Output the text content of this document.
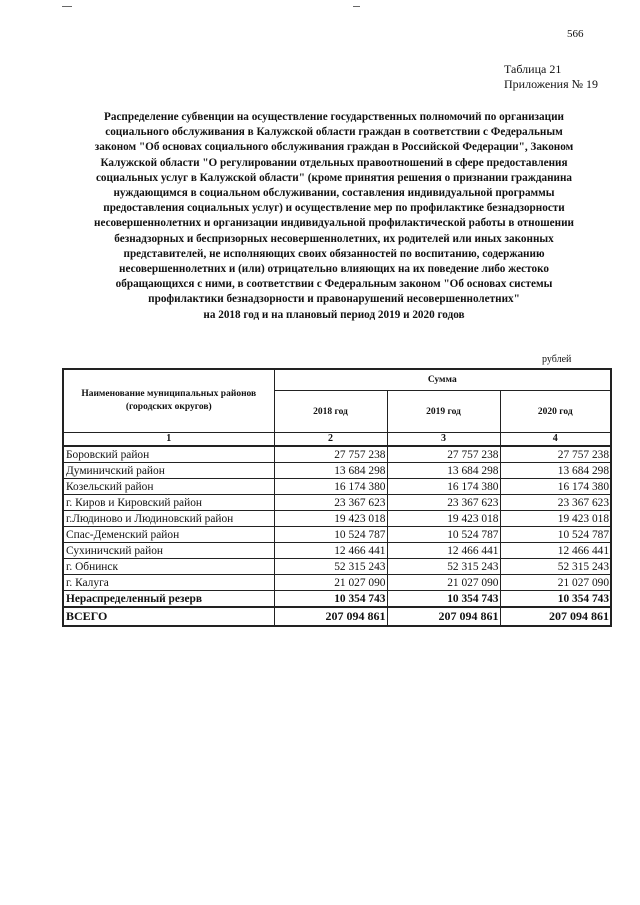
566
Таблица 21
Приложения № 19
Распределение субвенции на осуществление государственных полномочий по организации
социального обслуживания в Калужской области граждан в соответствии с Федеральным
законом "Об основах социального обслуживания граждан в Российской Федерации", Законом
Калужской области "О регулировании отдельных правоотношений в сфере предоставления
социальных услуг в Калужской области" (кроме принятия решения о признании гражданина
нуждающимся в социальном обслуживании, составления индивидуальной программы
предоставления социальных услуг) и осуществление мер по профилактике безнадзорности
несовершеннолетних и организации индивидуальной профилактической работы в отношении
безнадзорных и беспризорных несовершеннолетних, их родителей или иных законных
представителей, не исполняющих своих обязанностей по воспитанию, содержанию
несовершеннолетних и (или) отрицательно влияющих на их поведение либо жестоко
обращающихся с ними, в соответствии с Федеральным законом "Об основах системы
профилактики безнадзорности и правонарушений несовершеннолетних"
на 2018 год и на плановый период 2019 и 2020 годов
рублей
Наименование муниципальных районов (городских округов)	Сумма		
	2018 год	2019 год	2020 год
1	2	3	4
Боровский район	27 757 238	27 757 238	27 757 238
Думиничский район	13 684 298	13 684 298	13 684 298
Козельский район	16 174 380	16 174 380	16 174 380
г. Киров и Кировский район	23 367 623	23 367 623	23 367 623
г.Людиново и Людиновский район	19 423 018	19 423 018	19 423 018
Спас-Деменский район	10 524 787	10 524 787	10 524 787
Сухиничский район	12 466 441	12 466 441	12 466 441
г. Обнинск	52 315 243	52 315 243	52 315 243
г. Калуга	21 027 090	21 027 090	21 027 090
Нераспределенный резерв	10 354 743	10 354 743	10 354 743
ВСЕГО	207 094 861	207 094 861	207 094 861
